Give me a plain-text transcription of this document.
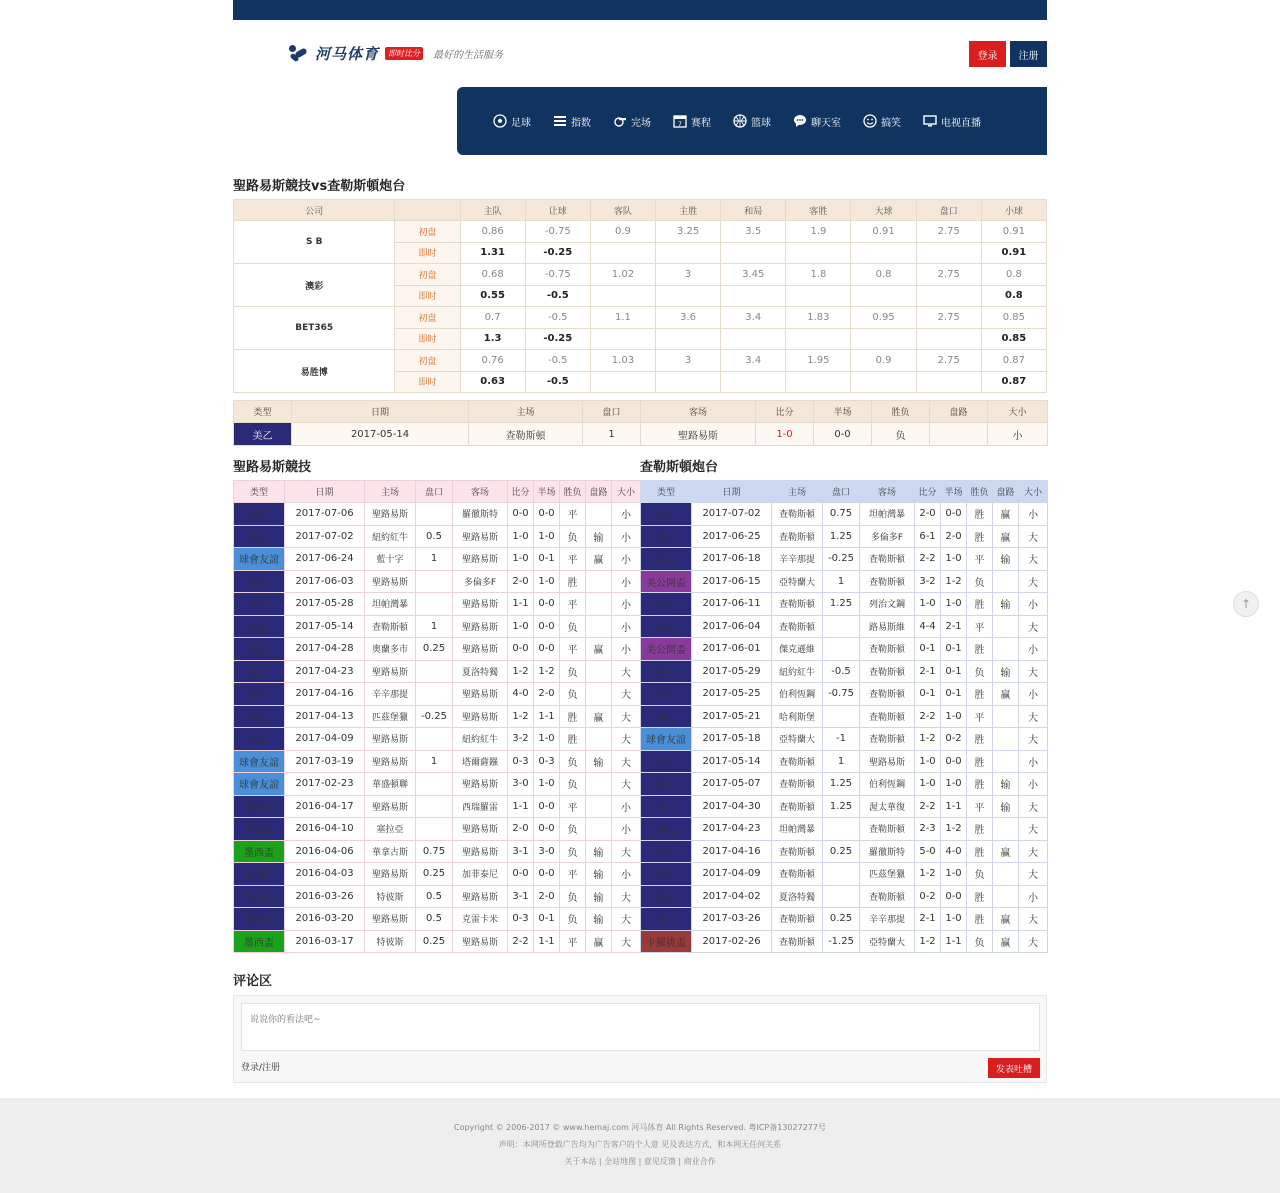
河马体育	即时比分	最好的生活服务	登录	注册
足球	指数	完场	7 赛程	篮球	聊天室	搞笑	电视直播
聖路易斯競技vs查勒斯頓炮台
公司		主队	让球	客队	主胜	和局	客胜	大球	盘口	小球
S B	初盘	0.86	-0.75	0.9	3.25	3.5	1.9	0.91	2.75	0.91
	即时	1.31	-0.25							0.91
澳彩	初盘	0.68	-0.75	1.02	3	3.45	1.8	0.8	2.75	0.8
	即时	0.55	-0.5							0.8
BET365	初盘	0.7	-0.5	1.1	3.6	3.4	1.83	0.95	2.75	0.85
	即时	1.3	-0.25							0.85
易胜博	初盘	0.76	-0.5	1.03	3	3.4	1.95	0.9	2.75	0.87
	即时	0.63	-0.5							0.87
类型	日期	主场	盘口	客场	比分	半场	胜负	盘路	大小
美乙	2017-05-14	查勒斯頓	1	聖路易斯	1-0	0-0	负		小
聖路易斯競技	查勒斯頓炮台
类型	日期	主场	盘口	客场	比分	半场	胜负	盘路	大小
美乙	2017-07-06	聖路易斯		羅徹斯特	0-0	0-0	平		小
美乙	2017-07-02	紐約紅牛	0.5	聖路易斯	1-0	1-0	负	输	小
球會友誼	2017-06-24	藍十字	1	聖路易斯	1-0	0-1	平	赢	小
美乙	2017-06-03	聖路易斯		多倫多F	2-0	1-0	胜		小
美乙	2017-05-28	坦帕灣暴		聖路易斯	1-1	0-0	平		小
美乙	2017-05-14	查勒斯頓	1	聖路易斯	1-0	0-0	负		小
美乙	2017-04-28	奧蘭多市	0.25	聖路易斯	0-0	0-0	平	赢	小
美乙	2017-04-23	聖路易斯		夏洛特獨	1-2	1-2	负		大
美乙	2017-04-16	辛辛那提		聖路易斯	4-0	2-0	负		大
美乙	2017-04-13	匹茲堡獵	-0.25	聖路易斯	1-2	1-1	胜	赢	大
美乙	2017-04-09	聖路易斯		紐約紅牛	3-2	1-0	胜		大
球會友誼	2017-03-19	聖路易斯	1	塔爾薩鏹	0-3	0-3	负	输	大
球會友誼	2017-02-23	華盛頓聯		聖路易斯	3-0	1-0	负		大
墨西乙	2016-04-17	聖路易斯		西瑞羅雷	1-1	0-0	平		小
墨西乙	2016-04-10	塞拉亞		聖路易斯	2-0	0-0	负		小
墨西盃	2016-04-06	華拿古斯	0.75	聖路易斯	3-1	3-0	负	输	大
墨西乙	2016-04-03	聖路易斯	0.25	加菲泰尼	0-0	0-0	平	输	小
墨西乙	2016-03-26	特彼斯	0.5	聖路易斯	3-1	2-0	负	输	大
墨西乙	2016-03-20	聖路易斯	0.5	克雷卡米	0-3	0-1	负	输	大
墨西盃	2016-03-17	特彼斯	0.25	聖路易斯	2-2	1-1	平	赢	大
类型	日期	主场	盘口	客场	比分	半场	胜负	盘路	大小
美乙	2017-07-02	查勒斯頓	0.75	坦帕灣暴	2-0	0-0	胜	赢	小
美乙	2017-06-25	查勒斯頓	1.25	多倫多F	6-1	2-0	胜	赢	大
美乙	2017-06-18	辛辛那提	-0.25	查勒斯頓	2-2	1-0	平	输	大
美公開盃	2017-06-15	亞特蘭大	1	查勒斯頓	3-2	1-2	负		大
美乙	2017-06-11	查勒斯頓	1.25	列治文鋼	1-0	1-0	胜	输	小
美乙	2017-06-04	查勒斯頓		路易斯維	4-4	2-1	平		大
美公開盃	2017-06-01	傑克遜維		查勒斯頓	0-1	0-1	胜		小
美乙	2017-05-29	紐約紅牛	-0.5	查勒斯頓	2-1	0-1	负	输	大
美乙	2017-05-25	伯利恆鋼	-0.75	查勒斯頓	0-1	0-1	胜	赢	小
美乙	2017-05-21	哈利斯堡		查勒斯頓	2-2	1-0	平		大
球會友誼	2017-05-18	亞特蘭大	-1	查勒斯頓	1-2	0-2	胜		大
美乙	2017-05-14	查勒斯頓	1	聖路易斯	1-0	0-0	胜		小
美乙	2017-05-07	查勒斯頓	1.25	伯利恆鋼	1-0	1-0	胜	输	小
美乙	2017-04-30	查勒斯頓	1.25	渥太華復	2-2	1-1	平	输	大
美乙	2017-04-23	坦帕灣暴		查勒斯頓	2-3	1-2	胜		大
美乙	2017-04-16	查勒斯頓	0.25	羅徹斯特	5-0	4-0	胜	赢	大
美乙	2017-04-09	查勒斯頓		匹茲堡獵	1-2	1-0	负		大
美乙	2017-04-02	夏洛特獨		查勒斯頓	0-2	0-0	胜		小
美乙	2017-03-26	查勒斯頓	0.25	辛辛那提	2-1	1-0	胜	赢	大
卡羅挑盃	2017-02-26	查勒斯頓	-1.25	亞特蘭大	1-2	1-1	负	赢	大
评论区
说说你的看法吧~
登录/注册	发表吐槽
↑
Copyright © 2006-2017 © www.hemaj.com 河马体育 All Rights Reserved. 粤ICP备13027277号
声明：本网所登载广告均为广告客户的个人意 见及表达方式，和本网无任何关系
关于本站 | 全站地图 | 意见反馈 | 商业合作
